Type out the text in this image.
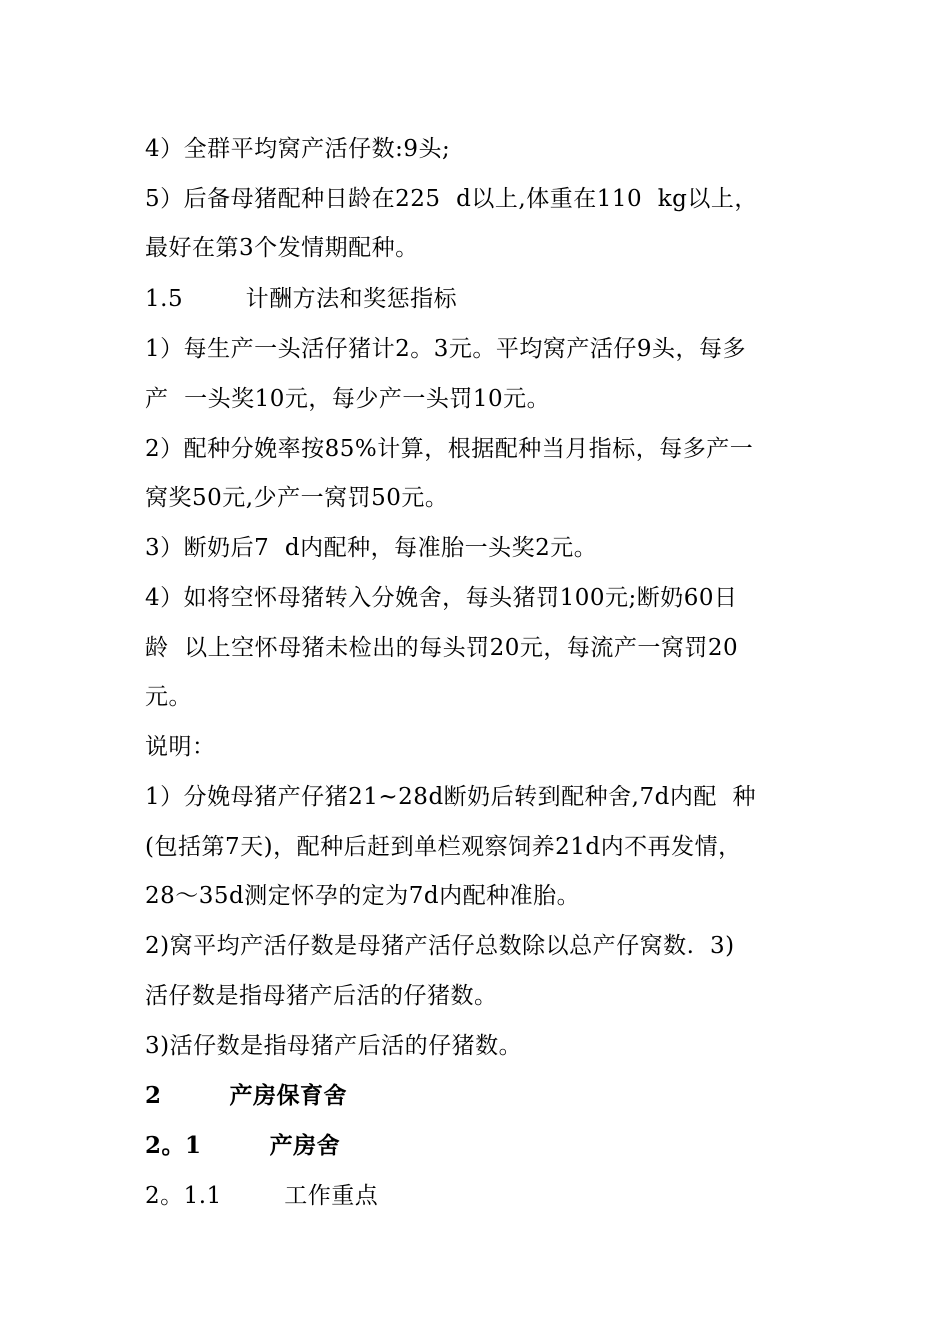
4）全群平均窝产活仔数:9头;
5）后备母猪配种日龄在225  d以上,体重在110  kg以上，
最好在第3个发情期配种。
1.5        计酬方法和奖惩指标
1）每生产一头活仔猪计2。3元。平均窝产活仔9头，每多
产  一头奖10元，每少产一头罚10元。
2）配种分娩率按85%计算，根据配种当月指标，每多产一
窝奖50元,少产一窝罚50元。
3）断奶后7  d内配种，每准胎一头奖2元。
4）如将空怀母猪转入分娩舍，每头猪罚100元;断奶60日
龄  以上空怀母猪未检出的每头罚20元，每流产一窝罚20
元。
说明：
1）分娩母猪产仔猪21~28d断奶后转到配种舍,7d内配  种
(包括第7天)，配种后赶到单栏观察饲养21d内不再发情，
28～35d测定怀孕的定为7d内配种准胎。
2)窝平均产活仔数是母猪产活仔总数除以总产仔窝数.  3)
活仔数是指母猪产后活的仔猪数。
3)活仔数是指母猪产后活的仔猪数。
2        产房保育舍
2。1        产房舍
2。1.1        工作重点
